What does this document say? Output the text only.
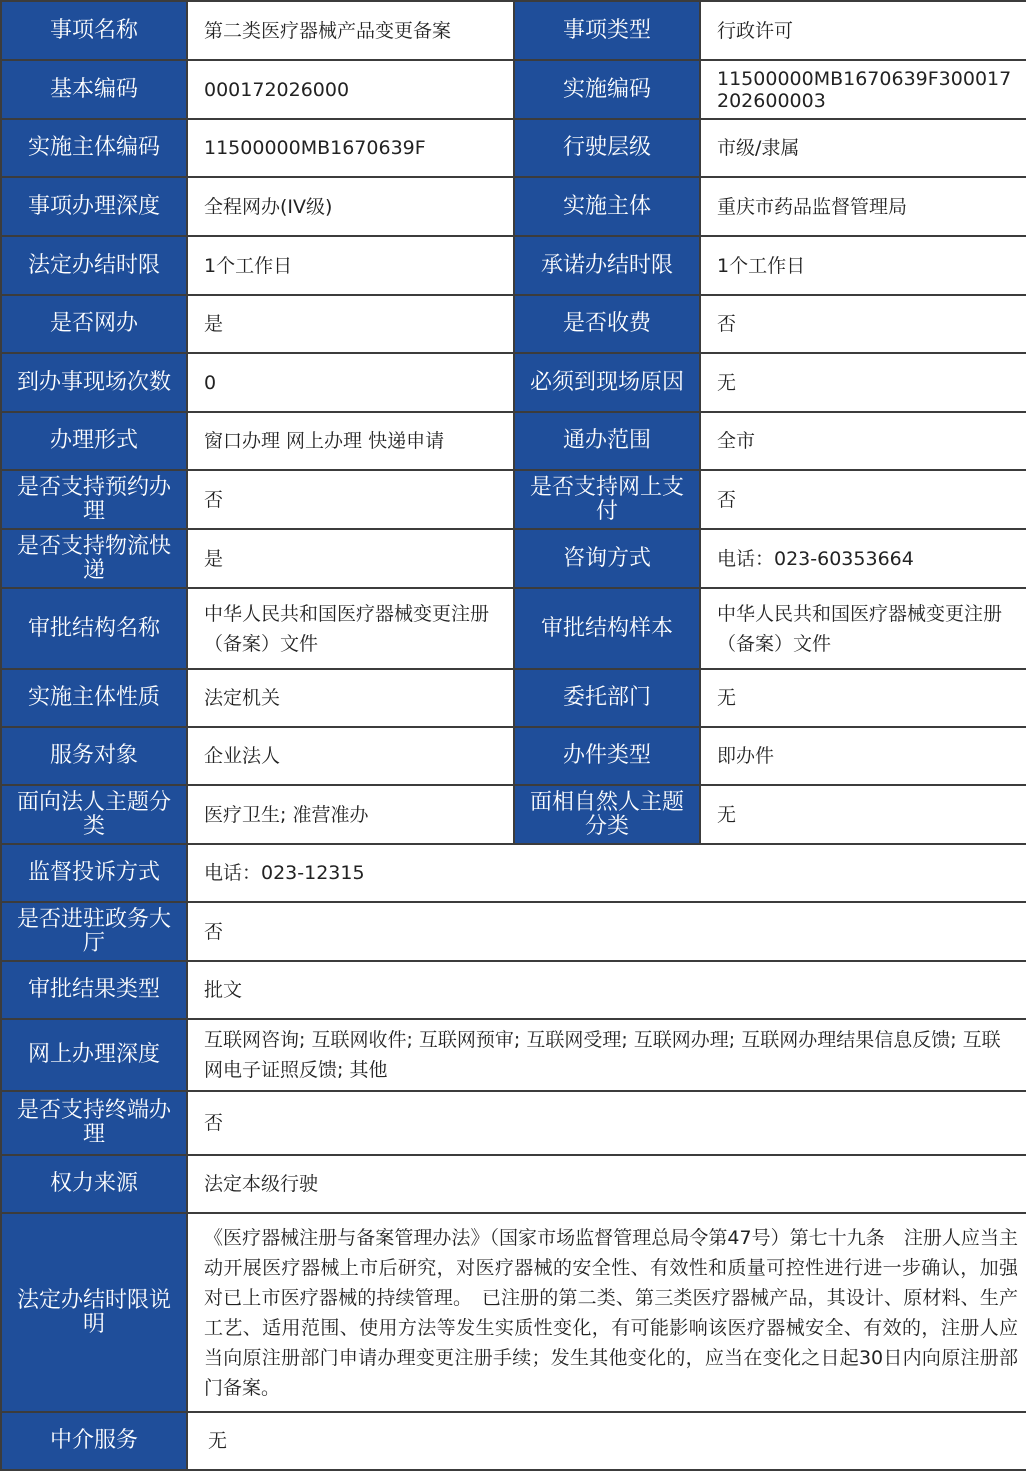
事项名称	第二类医疗器械产品变更备案	事项类型	行政许可
基本编码	000172026000	实施编码	11500000MB1670639F300017202600003
实施主体编码	11500000MB1670639F	行驶层级	市级/隶属
事项办理深度	全程网办(IV级)	实施主体	重庆市药品监督管理局
法定办结时限	1个工作日	承诺办结时限	1个工作日
是否网办	是	是否收费	否
到办事现场次数	0	必须到现场原因	无
办理形式	窗口办理 网上办理 快递申请	通办范围	全市
是否支持预约办理	否	是否支持网上支付	否
是否支持物流快递	是	咨询方式	电话：023-60353664
审批结构名称	中华人民共和国医疗器械变更注册（备案）文件	审批结构样本	中华人民共和国医疗器械变更注册（备案）文件
实施主体性质	法定机关	委托部门	无
服务对象	企业法人	办件类型	即办件
面向法人主题分类	医疗卫生; 准营准办	面相自然人主题分类	无
监督投诉方式	电话：023-12315		
是否进驻政务大厅	否		
审批结果类型	批文		
网上办理深度	互联网咨询; 互联网收件; 互联网预审; 互联网受理; 互联网办理; 互联网办理结果信息反馈; 互联网电子证照反馈; 其他		
是否支持终端办理	否		
权力来源	法定本级行驶		
法定办结时限说明	《医疗器械注册与备案管理办法》（国家市场监督管理总局令第47号）第七十九条　注册人应当主动开展医疗器械上市后研究，对医疗器械的安全性、有效性和质量可控性进行进一步确认，加强对已上市医疗器械的持续管理。　已注册的第二类、第三类医疗器械产品，其设计、原材料、生产工艺、适用范围、使用方法等发生实质性变化，有可能影响该医疗器械安全、有效的，注册人应当向原注册部门申请办理变更注册手续；发生其他变化的，应当在变化之日起30日内向原注册部门备案。		
中介服务	无		
